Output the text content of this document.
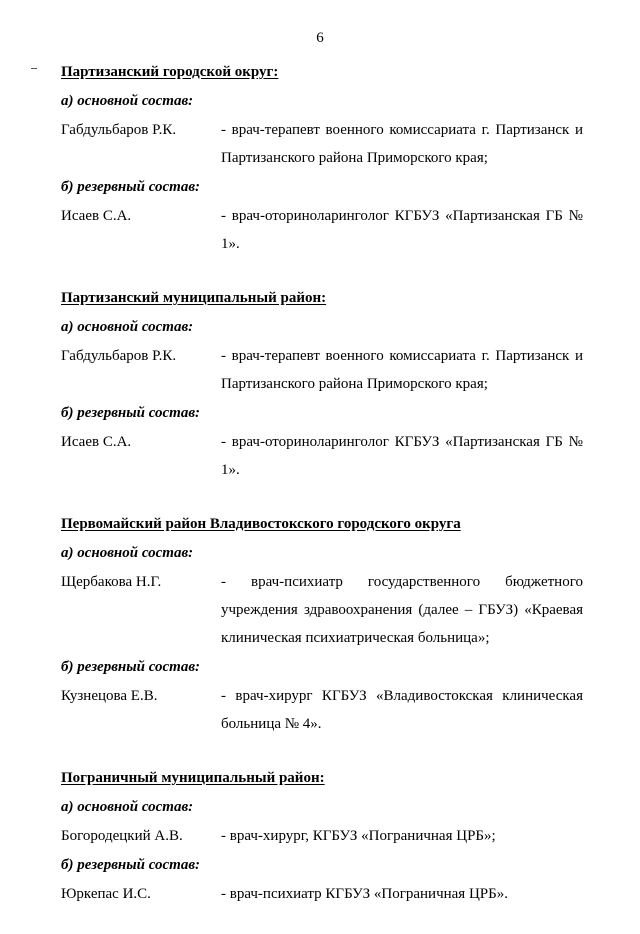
6
Партизанский городской округ:
а) основной состав:
Габдульбаров Р.К.	- врач-терапевт военного комиссариата г. Партизанск и Партизанского района Приморского края;
б) резервный состав:
Исаев С.А.	- врач-оториноларинголог КГБУЗ «Партизанская ГБ № 1».
Партизанский муниципальный район:
а) основной состав:
Габдульбаров Р.К.	- врач-терапевт военного комиссариата г. Партизанск и Партизанского района Приморского края;
б) резервный состав:
Исаев С.А.	- врач-оториноларинголог КГБУЗ «Партизанская ГБ № 1».
Первомайский район Владивостокского городского округа
а) основной состав:
Щербакова Н.Г.	- врач-психиатр государственного бюджетного учреждения здравоохранения (далее – ГБУЗ) «Краевая клиническая психиатрическая больница»;
б) резервный состав:
Кузнецова Е.В.	- врач-хирург КГБУЗ «Владивостокская клиническая больница № 4».
Пограничный муниципальный район:
а) основной состав:
Богородецкий А.В.	- врач-хирург, КГБУЗ «Пограничная ЦРБ»;
б) резервный состав:
Юркепас И.С.	- врач-психиатр КГБУЗ «Пограничная ЦРБ».
